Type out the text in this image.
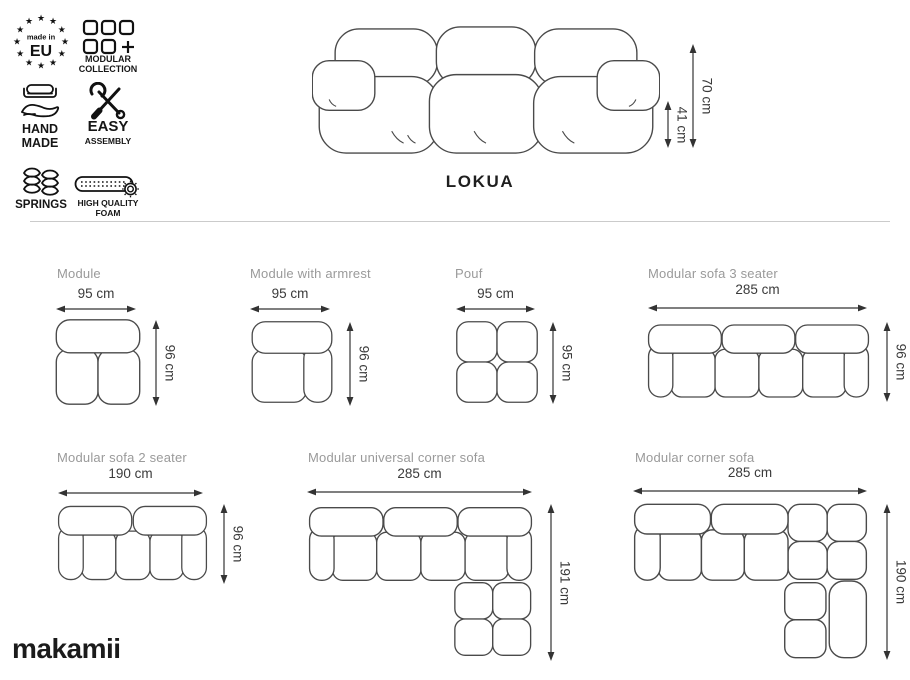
★ ★
★
★
★
★
★
★
★
★
★
★
made in
EU	MODULAR
COLLECTION
HAND
MADE
EASY
ASSEMBLY
SPRINGS	HIGH QUALITY
FOAM
41 cm
70 cm
LOKUA
Module
95 cm
96 cm
Module with armrest
95 cm
96 cm
Pouf
95 cm
95 cm
Modular sofa 3 seater
285 cm
96 cm
Modular sofa 2 seater
190 cm
96 cm
Modular universal corner sofa
285 cm
191 cm
Modular corner sofa
285 cm
190 cm
makamii
